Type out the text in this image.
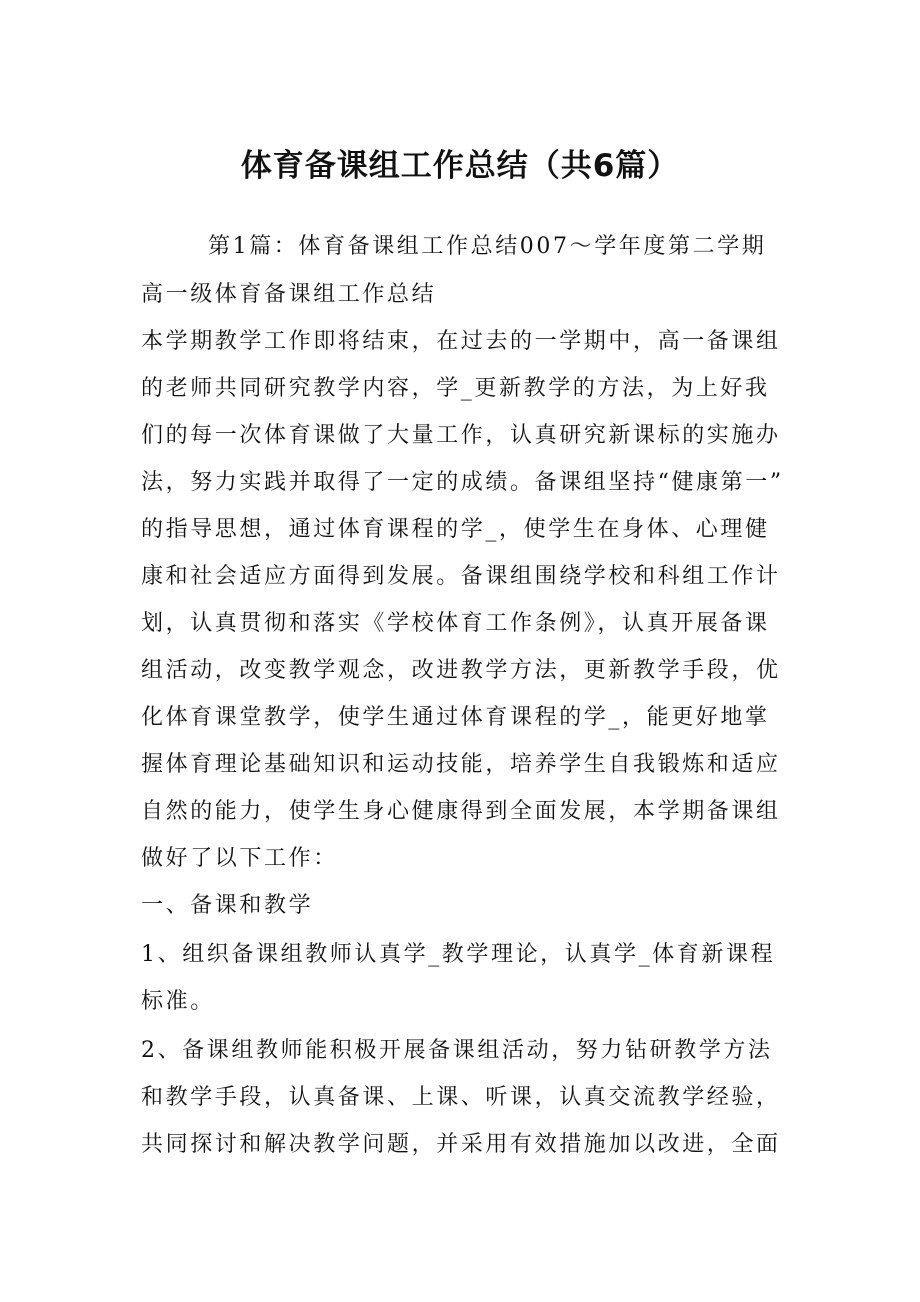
体育备课组工作总结（共6篇）
第1篇：体育备课组工作总结007～学年度第二学期
高一级体育备课组工作总结
本学期教学工作即将结束，在过去的一学期中，高一备课组
的老师共同研究教学内容，学_更新教学的方法，为上好我
们的每一次体育课做了大量工作，认真研究新课标的实施办
法，努力实践并取得了一定的成绩。备课组坚持“健康第一”
的指导思想，通过体育课程的学_，使学生在身体、心理健
康和社会适应方面得到发展。备课组围绕学校和科组工作计
划，认真贯彻和落实《学校体育工作条例》，认真开展备课
组活动，改变教学观念，改进教学方法，更新教学手段，优
化体育课堂教学，使学生通过体育课程的学_，能更好地掌
握体育理论基础知识和运动技能，培养学生自我锻炼和适应
自然的能力，使学生身心健康得到全面发展，本学期备课组
做好了以下工作：
一、备课和教学
1、组织备课组教师认真学_教学理论，认真学_体育新课程
标准。
2、备课组教师能积极开展备课组活动，努力钻研教学方法
和教学手段，认真备课、上课、听课，认真交流教学经验，
共同探讨和解决教学问题，并采用有效措施加以改进，全面
